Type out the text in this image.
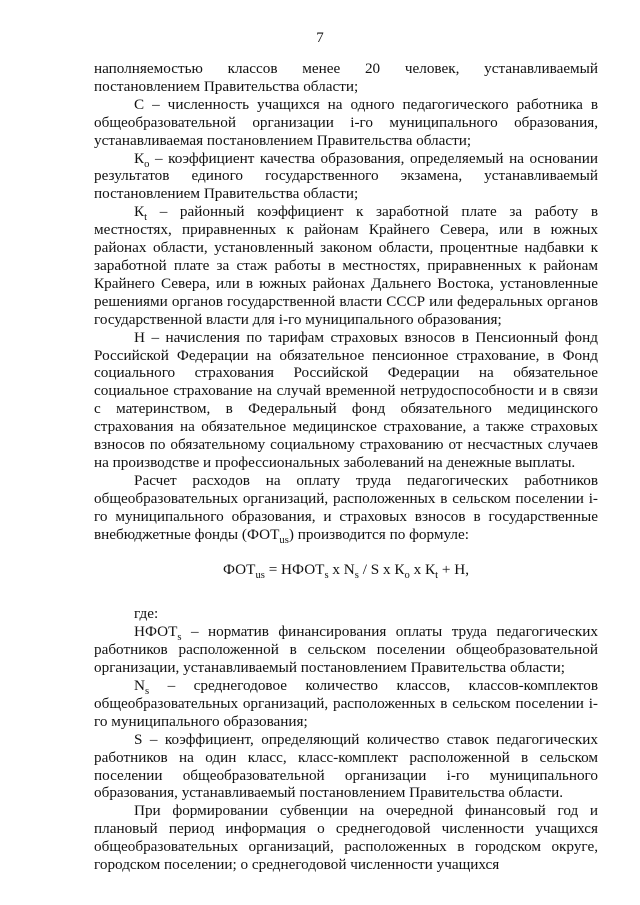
7

наполняемостью классов менее 20 человек, устанавливаемый постановлением Правительства области;

С – численность учащихся на одного педагогического работника в общеобразовательной организации i-го муниципального образования, устанавливаемая постановлением Правительства области;

$К_о$ – коэффициент качества образования, определяемый на основании результатов единого государственного экзамена, устанавливаемый постановлением Правительства области;

$К_t$ – районный коэффициент к заработной плате за работу в местностях, приравненных к районам Крайнего Севера, или в южных районах области, установленный законом области, процентные надбавки к заработной плате за стаж работы в местностях, приравненных к районам Крайнего Севера, или в южных районах Дальнего Востока, установленные решениями органов государственной власти СССР или федеральных органов государственной власти для i-го муниципального образования;

Н – начисления по тарифам страховых взносов в Пенсионный фонд Российской Федерации на обязательное пенсионное страхование, в Фонд социального страхования Российской Федерации на обязательное социальное страхование на случай временной нетрудоспособности и в связи с материнством, в Федеральный фонд обязательного медицинского страхования на обязательное медицинское страхование, а также страховых взносов по обязательному социальному страхованию от несчастных случаев на производстве и профессиональных заболеваний на денежные выплаты.

Расчет расходов на оплату труда педагогических работников общеобразовательных организаций, расположенных в сельском поселении i-го муниципального образования, и страховых взносов в государственные внебюджетные фонды $(ФОТ_{us})$ производится по формуле:

$ФОТ_{us}$ = $НФОТ_s$ х $N_s$ / S х $К_o$ х $К_t + Н$,

где:

$НФОТ_s$ – норматив финансирования оплаты труда педагогических работников расположенной в сельском поселении общеобразовательной организации, устанавливаемый постановлением Правительства области;

$N_s$ – среднегодовое количество классов, классов-комплектов общеобразовательных организаций, расположенных в сельском поселении i-го муниципального образования;

S – коэффициент, определяющий количество ставок педагогических работников на один класс, класс-комплект расположенной в сельском поселении общеобразовательной организации i-го муниципального образования, устанавливаемый постановлением Правительства области.

При формировании субвенции на очередной финансовый год и плановый период информация о среднегодовой численности учащихся общеобразовательных организаций, расположенных в городском округе, городском поселении; о среднегодовой численности учащихся
